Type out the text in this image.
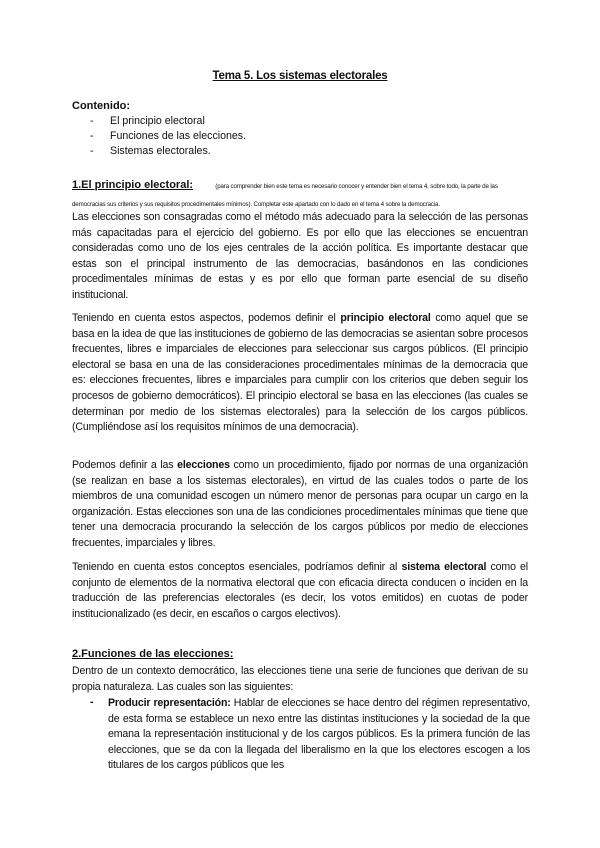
Tema 5. Los sistemas electorales
Contenido:
- El principio electoral
- Funciones de las elecciones.
- Sistemas electorales.
1.El principio electoral:	(para comprender bien este tema es necesario conocer y entender bien el tema 4, sobre todo, la parte de las democracias sus criterios y sus requisitos procedimentales mínimos). Completar este apartado con lo dado en el tema 4 sobre la democracia.

Las elecciones son consagradas como el método más adecuado para la selección de las personas más capacitadas para el ejercicio del gobierno. Es por ello que las elecciones se encuentran consideradas como uno de los ejes centrales de la acción política. Es importante destacar que estas son el principal instrumento de las democracias, basándonos en las condiciones procedimentales mínimas de estas y es por ello que forman parte esencial de su diseño institucional.

Teniendo en cuenta estos aspectos, podemos definir el principio electoral como aquel que se basa en la idea de que las instituciones de gobierno de las democracias se asientan sobre procesos frecuentes, libres e imparciales de elecciones para seleccionar sus cargos públicos. (El principio electoral se basa en una de las consideraciones procedimentales mínimas de la democracia que es: elecciones frecuentes, libres e imparciales para cumplir con los criterios que deben seguir los procesos de gobierno democráticos). El principio electoral se basa en las elecciones (las cuales se determinan por medio de los sistemas electorales) para la selección de los cargos públicos. (Cumpliéndose así los requisitos mínimos de una democracia).

Podemos definir a las elecciones como un procedimiento, fijado por normas de una organización (se realizan en base a los sistemas electorales), en virtud de las cuales todos o parte de los miembros de una comunidad escogen un número menor de personas para ocupar un cargo en la organización. Estas elecciones son una de las condiciones procedimentales mínimas que tiene que tener una democracia procurando la selección de los cargos públicos por medio de elecciones frecuentes, imparciales y libres.

Teniendo en cuenta estos conceptos esenciales, podríamos definir al sistema electoral como el conjunto de elementos de la normativa electoral que con eficacia directa conducen o inciden en la traducción de las preferencias electorales (es decir, los votos emitidos) en cuotas de poder institucionalizado (es decir, en escaños o cargos electivos).

2.Funciones de las elecciones:

Dentro de un contexto democrático, las elecciones tiene una serie de funciones que derivan de su propia naturaleza. Las cuales son las siguientes:

- Producir representación: Hablar de elecciones se hace dentro del régimen representativo, de esta forma se establece un nexo entre las distintas instituciones y la sociedad de la que emana la representación institucional y de los cargos públicos. Es la primera función de las elecciones, que se da con la llegada del liberalismo en la que los electores escogen a los titulares de los cargos públicos que les
